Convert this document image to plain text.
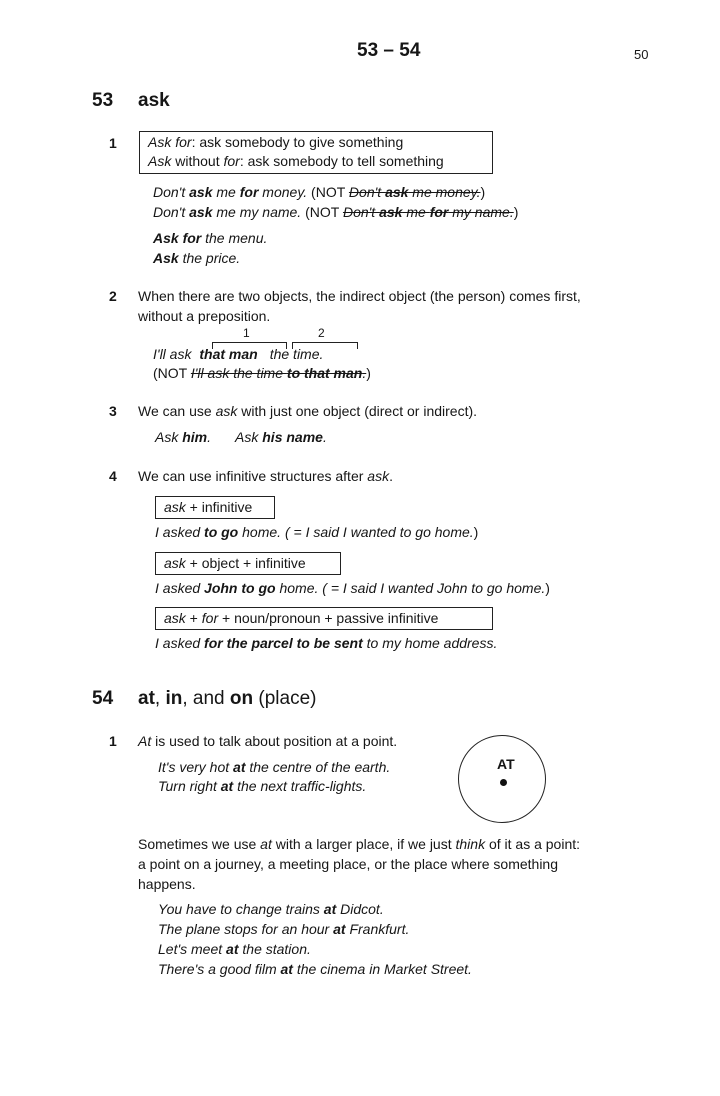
53 – 54	50
53 ask
1 Ask for: ask somebody to give something
Ask without for: ask somebody to tell something
Don't ask me for money. (NOT Don't ask me money.)
Don't ask me my name. (NOT Don't ask me for my name.)
Ask for the menu.
Ask the price.
2 When there are two objects, the indirect object (the person) comes first,
without a preposition.
1	2
I'll ask that man the time.
(NOT I'll ask the time to that man.)
3 We can use ask with just one object (direct or indirect).
Ask him. Ask his name.
4 We can use infinitive structures after ask.
ask + infinitive
I asked to go home. ( = I said I wanted to go home.)
ask + object + infinitive
I asked John to go home. ( = I said I wanted John to go home.)
ask + for + noun/pronoun + passive infinitive
I asked for the parcel to be sent to my home address.
54 at, in, and on (place)
1 At is used to talk about position at a point.
It's very hot at the centre of the earth.
Turn right at the next traffic-lights.
AT
Sometimes we use at with a larger place, if we just think of it as a point:
a point on a journey, a meeting place, or the place where something
happens.
You have to change trains at Didcot.
The plane stops for an hour at Frankfurt.
Let's meet at the station.
There's a good film at the cinema in Market Street.
